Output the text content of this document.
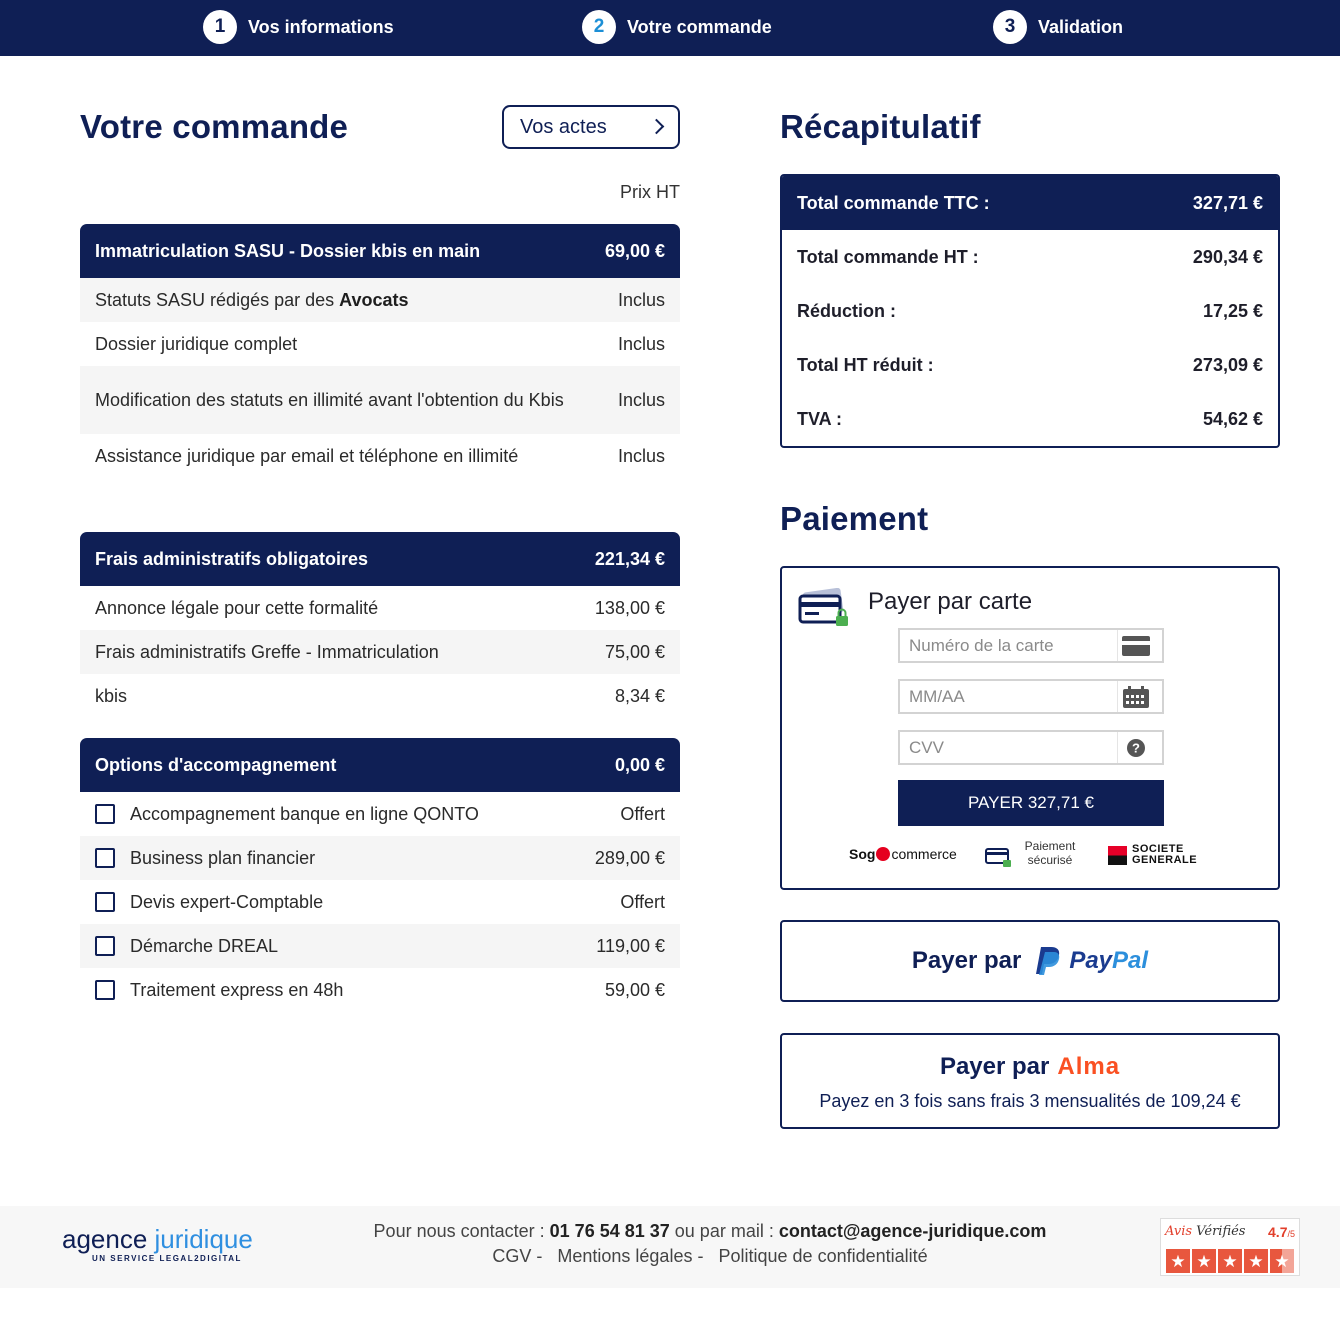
1	Vos informations	2	Votre commande	3	Validation
Votre commande	Vos actes
Prix HT
Immatriculation SASU - Dossier kbis en main	69,00 €
Statuts SASU rédigés par des Avocats	Inclus
Dossier juridique complet	Inclus
Modification des statuts en illimité avant l'obtention du Kbis	Inclus
Assistance juridique par email et téléphone en illimité	Inclus
Frais administratifs obligatoires	221,34 €
Annonce légale pour cette formalité	138,00 €
Frais administratifs Greffe - Immatriculation	75,00 €
kbis	8,34 €
Options d'accompagnement	0,00 €
Accompagnement banque en ligne QONTO	Offert
Business plan financier	289,00 €
Devis expert-Comptable	Offert
Démarche DREAL	119,00 €
Traitement express en 48h	59,00 €
Récapitulatif
Total commande TTC :	327,71 €
Total commande HT :	290,34 €
Réduction :	17,25 €
Total HT réduit :	273,09 €
TVA :	54,62 €
Paiement
Payer par carte
Numéro de la carte
MM/AA
CVV	?
PAYER 327,71 €
Sog commerce	Paiement
sécurisé
SOCIETE
GENERALE
Payer par PayPal
Payer par Alma
Payez en 3 fois sans frais 3 mensualités de 109,24 €
agence juridique
UN SERVICE LEGAL2DIGITAL
Pour nous contacter : 01 76 54 81 37 ou par mail : contact@agence-juridique.com
CGV -   Mentions légales -   Politique de confidentialité
Avis Vérifiés 4.7/5
★ ★ ★ ★ ★
